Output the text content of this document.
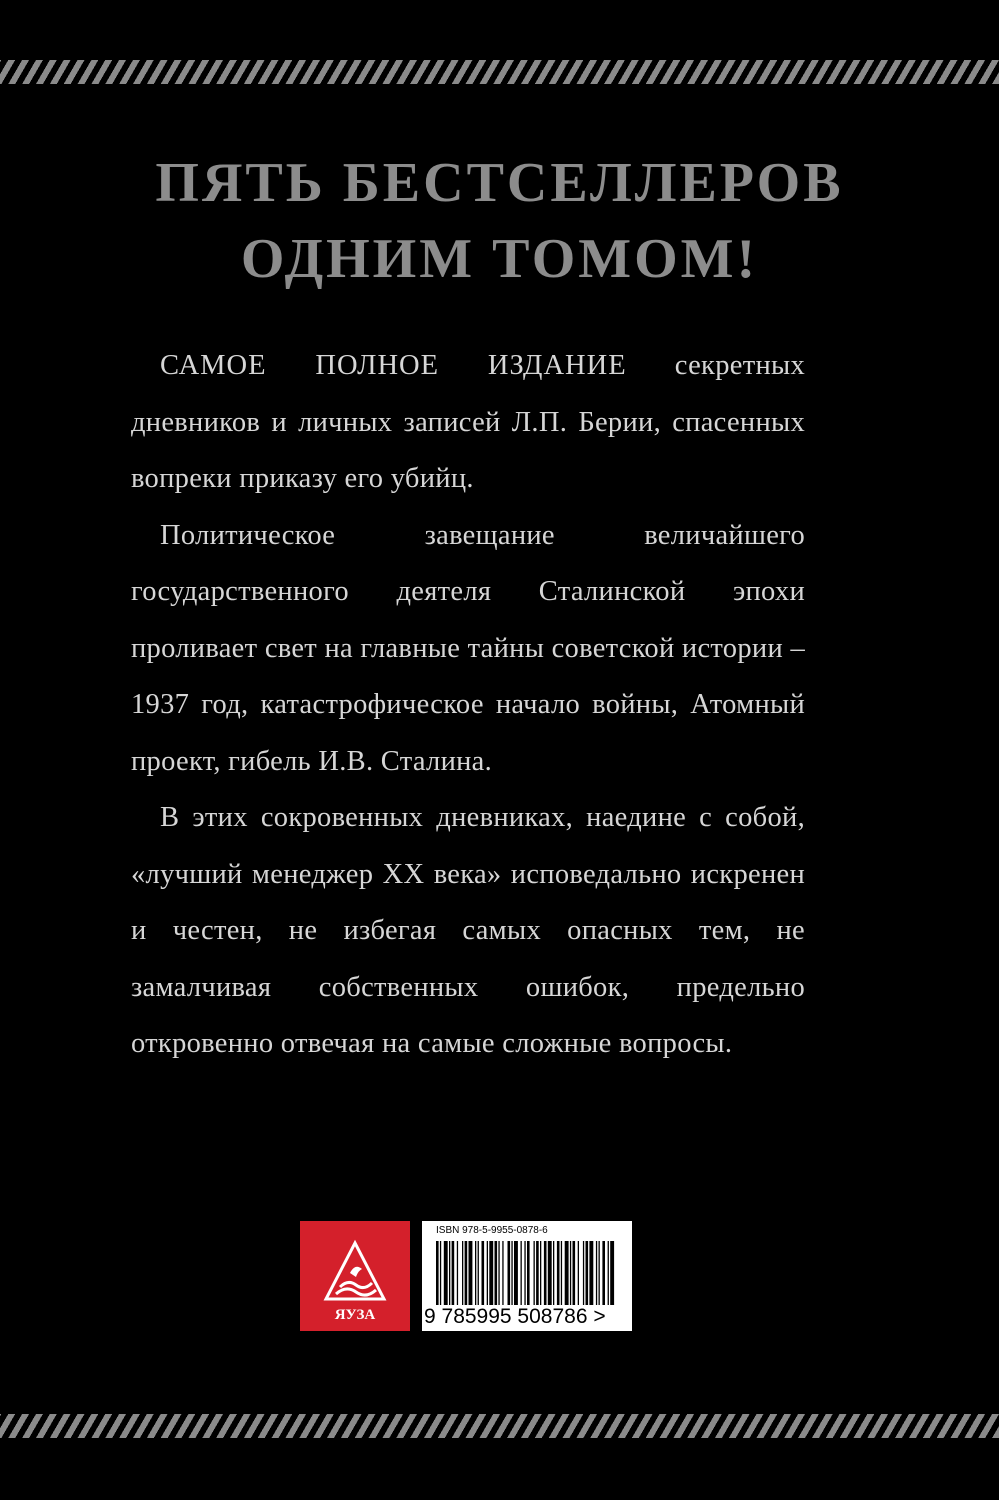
ПЯТЬ БЕСТСЕЛЛЕРОВ
ОДНИМ ТОМОМ!

САМОЕ ПОЛНОЕ ИЗДАНИЕ секретных дневников и личных записей Л.П. Берии, спасенных вопреки приказу его убийц.

Политическое завещание величайшего государственного деятеля Сталинской эпохи проливает свет на главные тайны советской истории – 1937 год, катастрофическое начало войны, Атомный проект, гибель И.В. Сталина.

В этих сокровенных дневниках, наедине с собой, «лучший менеджер XX века» исповедально искренен и честен, не избегая самых опасных тем, не замалчивая собственных ошибок, предельно откровенно отвечая на самые сложные вопросы.

ЯУЗА
ISBN 978-5-9955-0878-6
9 785995 508786 >
